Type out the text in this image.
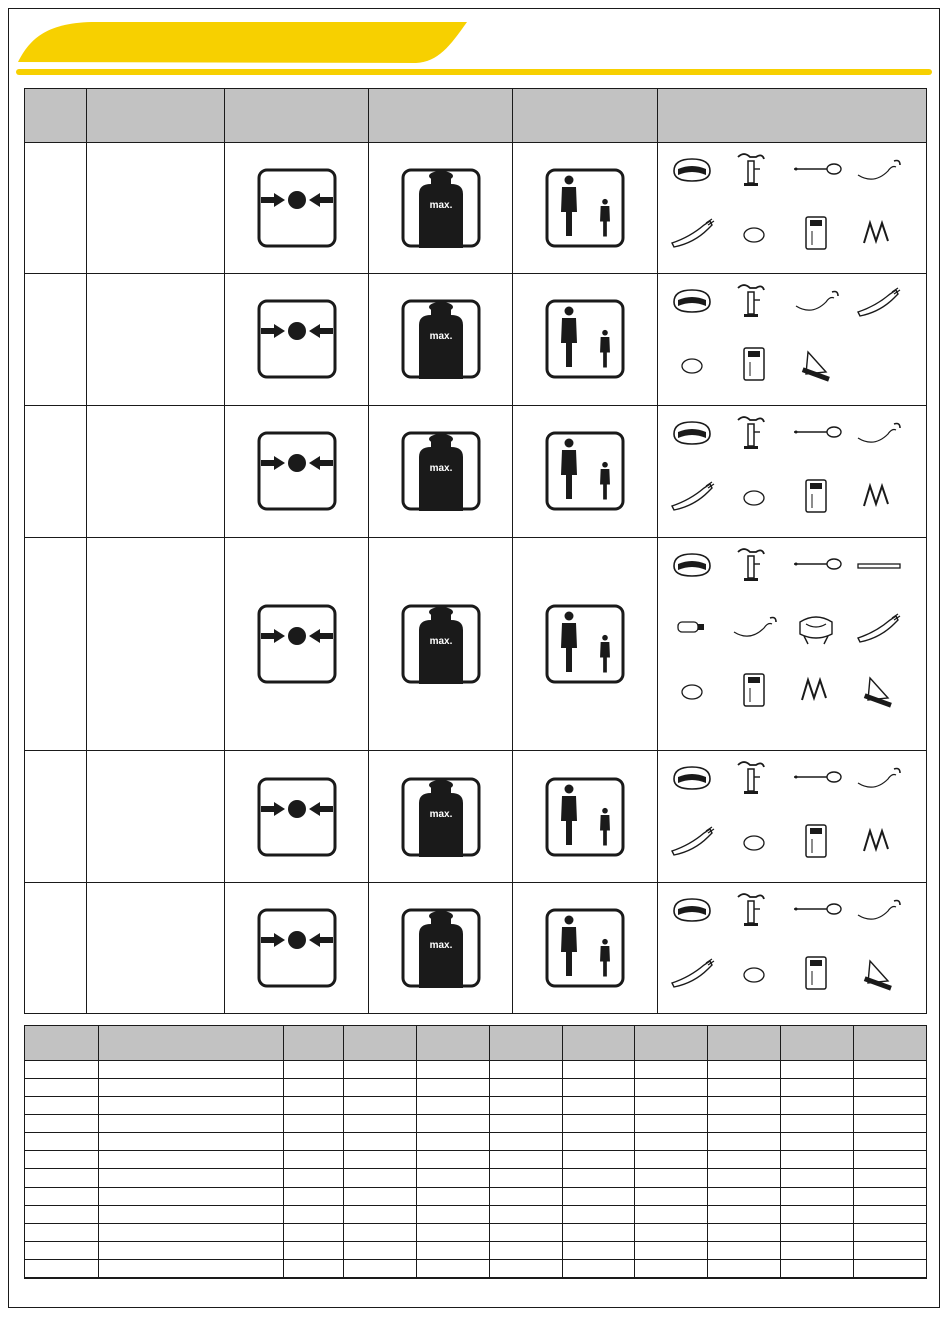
max.

max.

max.

max.

max.

max.
